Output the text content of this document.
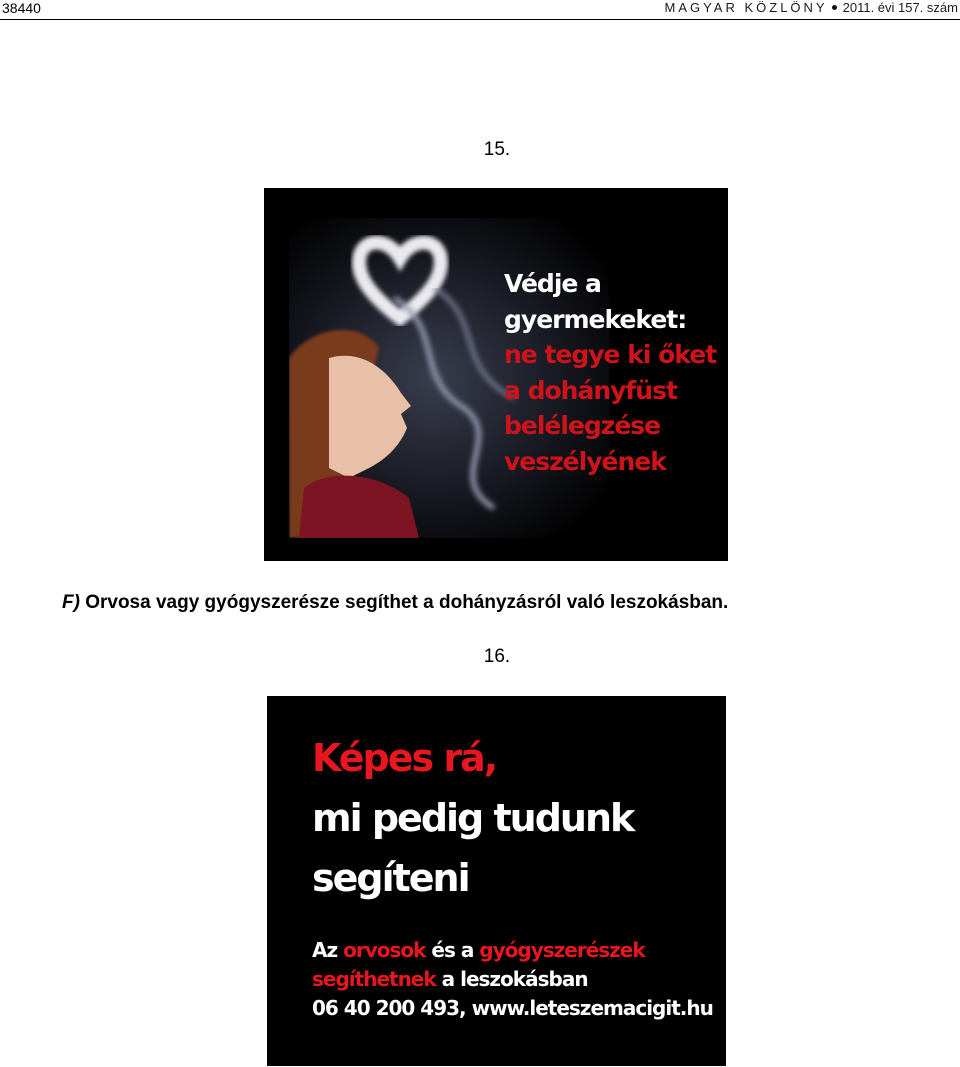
38440	MAGYAR KÖZLÖNY 2011. évi 157. szám
15.
Védje a
gyermekeket:
ne tegye ki őket
a dohányfüst
belélegzése
veszélyének
F) Orvosa vagy gyógyszerésze segíthet a dohányzásról való leszokásban.
16.
Képes rá,
mi pedig tudunk
segíteni
Az orvosok és a gyógyszerészek
segíthetnek a leszokásban
06 40 200 493, www.leteszemacigit.hu
